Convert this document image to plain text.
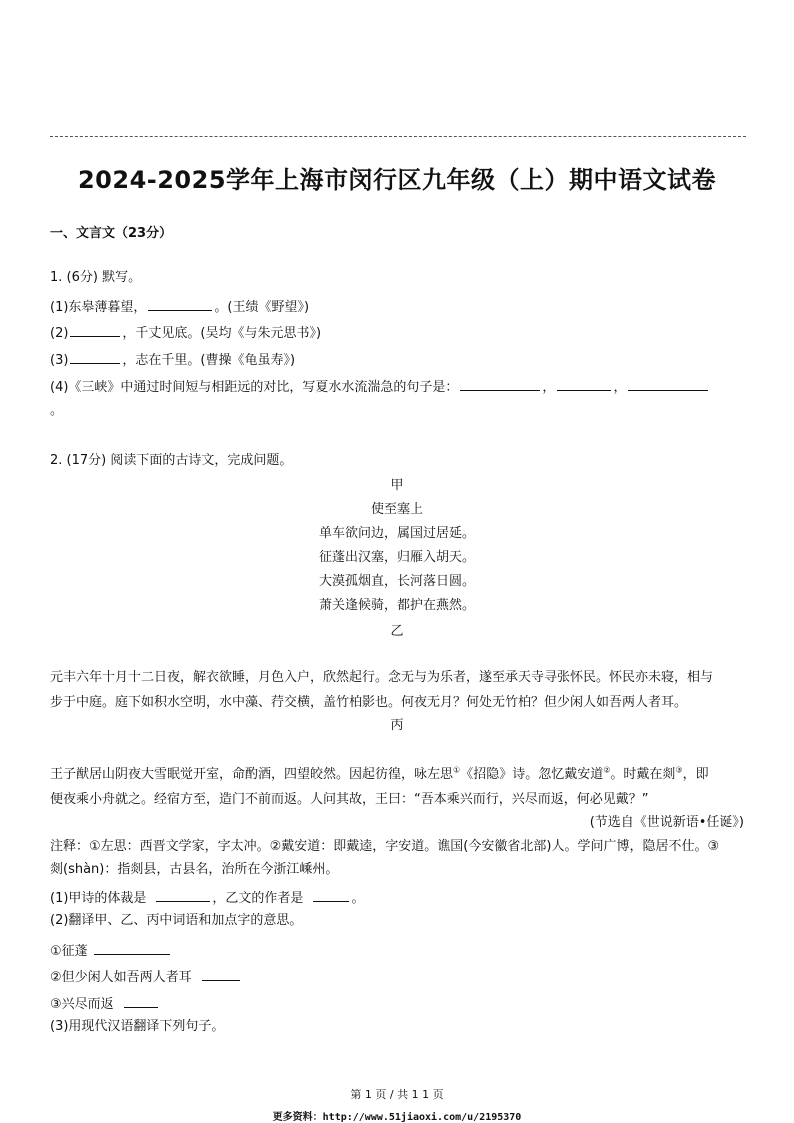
2024-2025学年上海市闵行区九年级（上）期中语文试卷
一、文言文（23分）
1. (6分) 默写。
(1)东皋薄暮望，	。(王绩《野望》)
(2)	，千丈见底。(吴均《与朱元思书》)
(3)	，志在千里。(曹操《龟虽寿》)
(4)《三峡》中通过时间短与相距远的对比，写夏水水流湍急的句子是：	，	，
。
2. (17分) 阅读下面的古诗文，完成问题。
甲
使至塞上
单车欲问边，属国过居延。
征蓬出汉塞，归雁入胡天。
大漠孤烟直，长河落日圆。
萧关逢候骑，都护在燕然。
乙
元丰六年十月十二日夜，解衣欲睡，月色入户，欣然起行。念无与为乐者，遂至承天寺寻张怀民。怀民亦未寝，相与
步于中庭。庭下如积水空明，水中藻、荇交横，盖竹柏影也。何夜无月？何处无竹柏？但少闲人如吾两人者耳。
丙
王子猷居山阴夜大雪眠觉开室，命酌酒，四望皎然。因起彷徨，咏左思①《招隐》诗。忽忆戴安道②。时戴在剡③，即
便夜乘小舟就之。经宿方至，造门不前而返。人问其故，王曰：“吾本乘兴而行，兴尽而返，何必见戴？”
(节选自《世说新语•任诞》)
注释：①左思：西晋文学家，字太冲。②戴安道：即戴逵，字安道。谯国(今安徽省北部)人。学问广博，隐居不仕。③
剡(shàn)：指剡县，古县名，治所在今浙江嵊州。
(1)甲诗的体裁是	，乙文的作者是	。
(2)翻译甲、乙、丙中词语和加点字的意思。
①征蓬
②但少闲人如吾两人者耳
③兴尽而返
(3)用现代汉语翻译下列句子。
第 1 页 / 共 1 1 页
更多资料：http://www.51jiaoxi.com/u/2195370
